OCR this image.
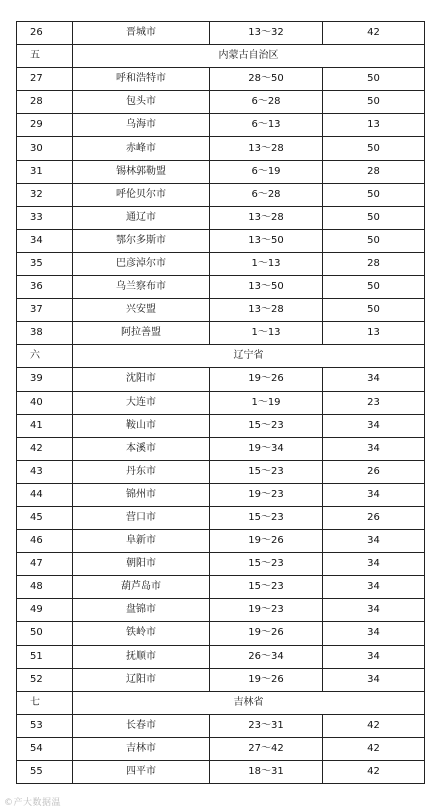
26	晋城市	13～32	42
五	内蒙古自治区		
27	呼和浩特市	28～50	50
28	包头市	6～28	50
29	乌海市	6～13	13
30	赤峰市	13～28	50
31	锡林郭勒盟	6～19	28
32	呼伦贝尔市	6～28	50
33	通辽市	13～28	50
34	鄂尔多斯市	13～50	50
35	巴彦淖尔市	1～13	28
36	乌兰察布市	13～50	50
37	兴安盟	13～28	50
38	阿拉善盟	1～13	13
六	辽宁省		
39	沈阳市	19～26	34
40	大连市	1～19	23
41	鞍山市	15～23	34
42	本溪市	19～34	34
43	丹东市	15～23	26
44	锦州市	19～23	34
45	营口市	15～23	26
46	阜新市	19～26	34
47	朝阳市	15～23	34
48	葫芦岛市	15～23	34
49	盘锦市	19～23	34
50	铁岭市	19～26	34
51	抚顺市	26～34	34
52	辽阳市	19～26	34
七	吉林省		
53	长春市	23～31	42
54	吉林市	27～42	42
55	四平市	18～31	42
©产大数据温
